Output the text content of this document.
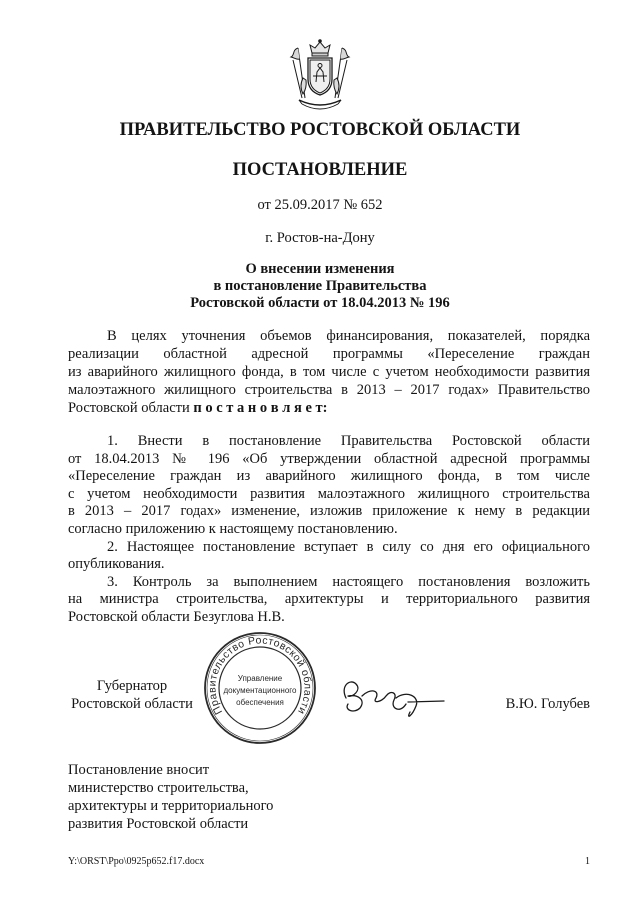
ПРАВИТЕЛЬСТВО РОСТОВСКОЙ ОБЛАСТИ
ПОСТАНОВЛЕНИЕ
от 25.09.2017 № 652
г. Ростов-на-Дону
О внесении изменения
в постановление Правительства
Ростовской области от 18.04.2013 № 196
В целях уточнения объемов финансирования, показателей, порядка
реализации областной адресной программы «Переселение граждан
из аварийного жилищного фонда, в том числе с учетом необходимости развития
малоэтажного жилищного строительства в 2013 – 2017 годах» Правительство
Ростовской области п о с т а н о в л я е т:
1. Внести в постановление Правительства Ростовской области
от 18.04.2013 № 196 «Об утверждении областной адресной программы
«Переселение граждан из аварийного жилищного фонда, в том числе
с учетом необходимости развития малоэтажного жилищного строительства
в 2013 – 2017 годах» изменение, изложив приложение к нему в редакции
согласно приложению к настоящему постановлению.
2. Настоящее постановление вступает в силу со дня его официального
опубликования.
3. Контроль за выполнением настоящего постановления возложить
на министра строительства, архитектуры и территориального развития
Ростовской области Безуглова Н.В.
Губернатор
Ростовской области	Правительство Ростовской области
Управление
документационного
обеспечения	В.Ю. Голубев
Постановление вносит
министерство строительства,
архитектуры и территориального
развития Ростовской области
Y:\ORST\Ppo\0925p652.f17.docx	1
